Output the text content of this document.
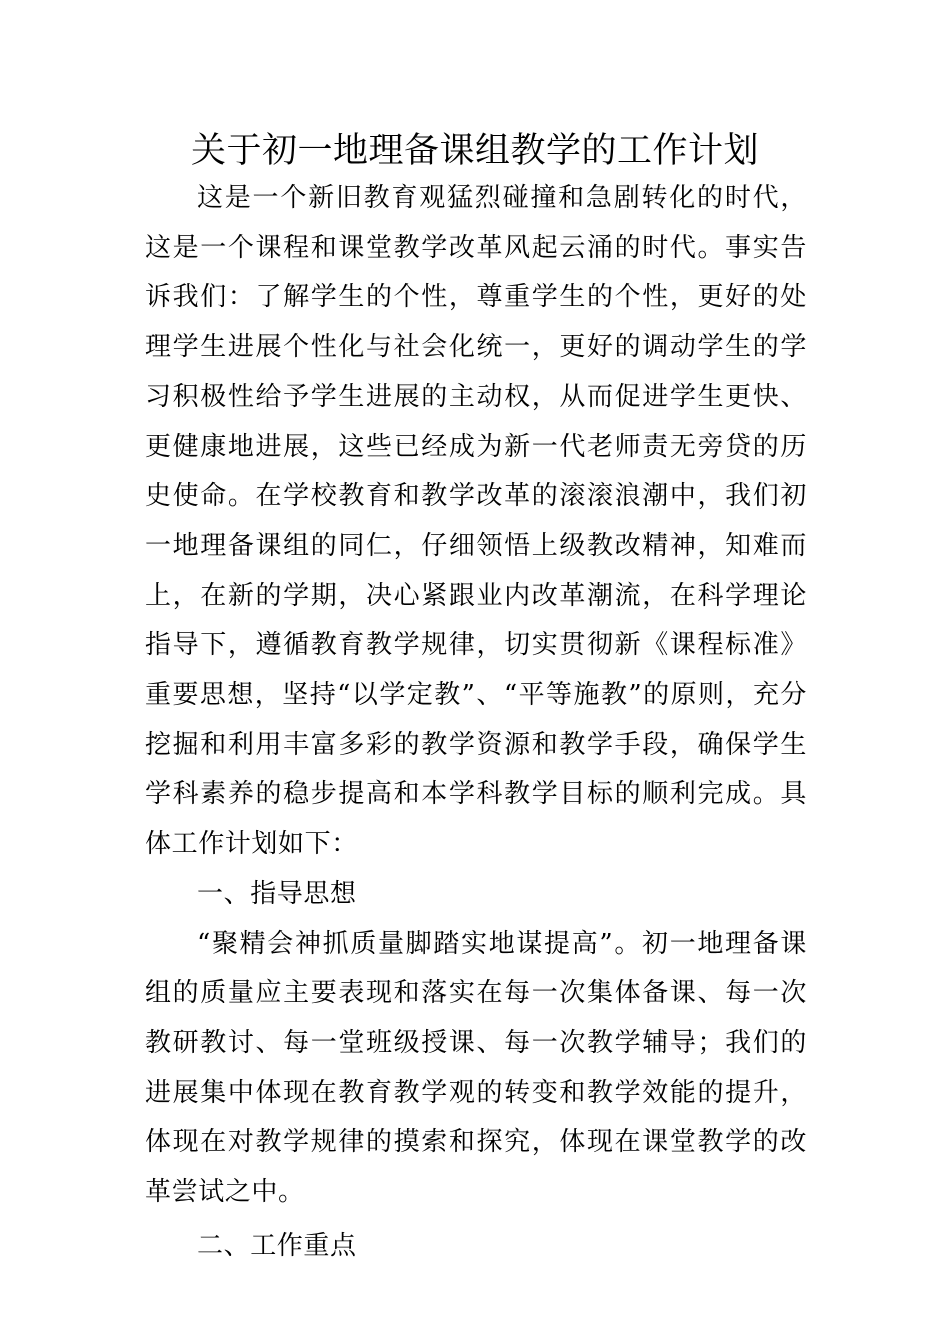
关于初一地理备课组教学的工作计划

这是一个新旧教育观猛烈碰撞和急剧转化的时代，这是一个课程和课堂教学改革风起云涌的时代。事实告诉我们：了解学生的个性，尊重学生的个性，更好的处理学生进展个性化与社会化统一，更好的调动学生的学习积极性给予学生进展的主动权，从而促进学生更快、更健康地进展，这些已经成为新一代老师责无旁贷的历史使命。在学校教育和教学改革的滚滚浪潮中，我们初一地理备课组的同仁，仔细领悟上级教改精神，知难而上，在新的学期，决心紧跟业内改革潮流，在科学理论指导下，遵循教育教学规律，切实贯彻新《课程标准》重要思想，坚持“以学定教”、“平等施教”的原则，充分挖掘和利用丰富多彩的教学资源和教学手段，确保学生学科素养的稳步提高和本学科教学目标的顺利完成。具体工作计划如下：

一、指导思想

“聚精会神抓质量脚踏实地谋提高”。初一地理备课组的质量应主要表现和落实在每一次集体备课、每一次教研教讨、每一堂班级授课、每一次教学辅导；我们的进展集中体现在教育教学观的转变和教学效能的提升，体现在对教学规律的摸索和探究，体现在课堂教学的改革尝试之中。

二、工作重点
